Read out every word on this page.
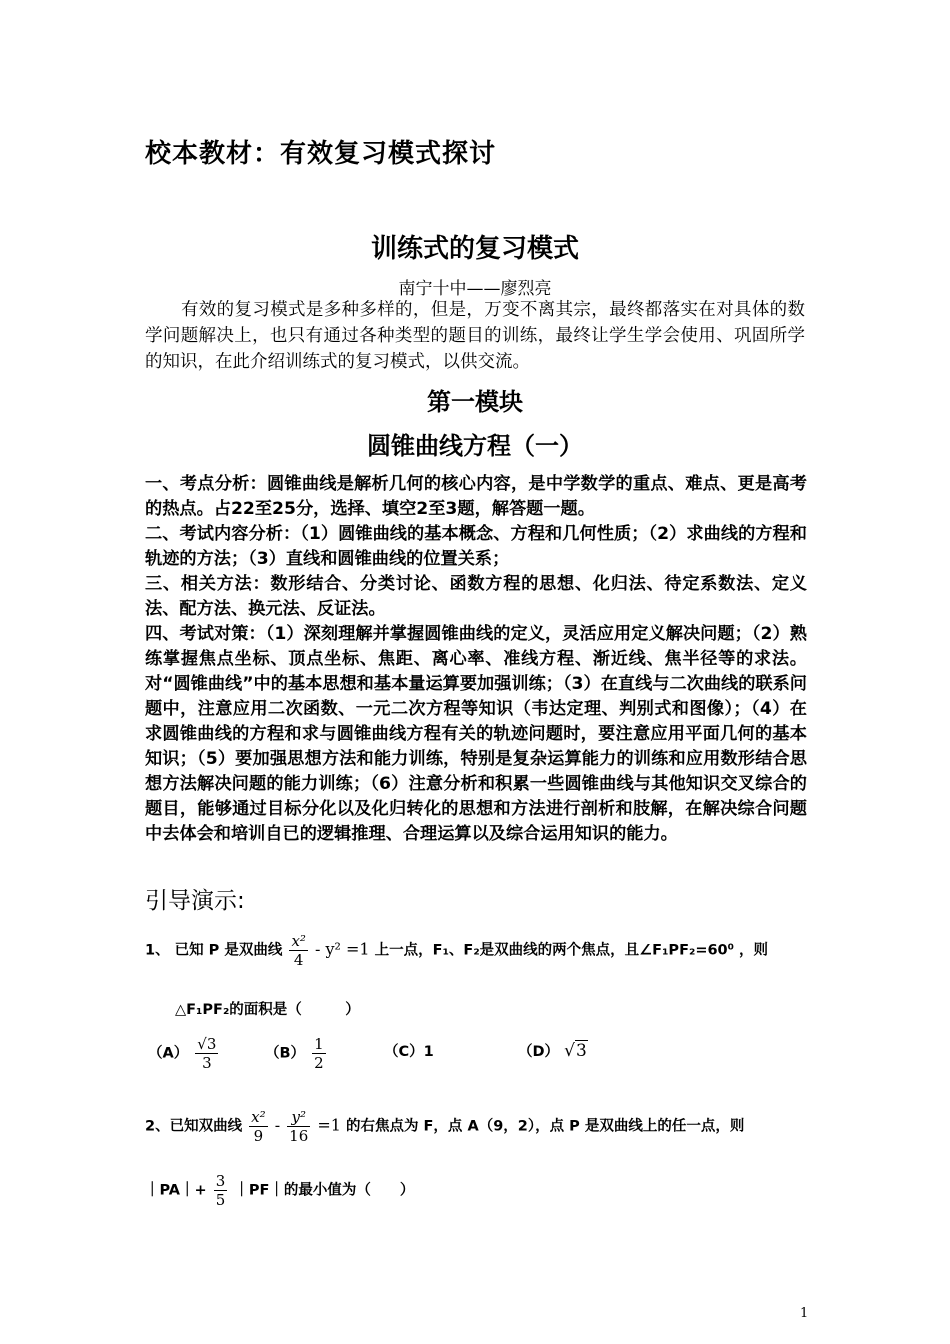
校本教材：有效复习模式探讨
训练式的复习模式
南宁十中——廖烈亮
有效的复习模式是多种多样的，但是，万变不离其宗，最终都落实在对具体的数学问题解决上，也只有通过各种类型的题目的训练，最终让学生学会使用、巩固所学的知识，在此介绍训练式的复习模式，以供交流。
第一模块
圆锥曲线方程（一）

一、考点分析：圆锥曲线是解析几何的核心内容，是中学数学的重点、难点、更是高考的热点。占22至25分，选择、填空2至3题，解答题一题。

二、考试内容分析：（1）圆锥曲线的基本概念、方程和几何性质；（2）求曲线的方程和轨迹的方法；（3）直线和圆锥曲线的位置关系；

三、相关方法：数形结合、分类讨论、函数方程的思想、化归法、待定系数法、定义法、配方法、换元法、反证法。

四、考试对策：（1）深刻理解并掌握圆锥曲线的定义，灵活应用定义解决问题；（2）熟练掌握焦点坐标、顶点坐标、焦距、离心率、准线方程、渐近线、焦半径等的求法。对“圆锥曲线”中的基本思想和基本量运算要加强训练；（3）在直线与二次曲线的联系问题中，注意应用二次函数、一元二次方程等知识（韦达定理、判别式和图像）；（4）在求圆锥曲线的方程和求与圆锥曲线方程有关的轨迹问题时，要注意应用平面几何的基本知识；（5）要加强思想方法和能力训练，特别是复杂运算能力的训练和应用数形结合思想方法解决问题的能力训练；（6）注意分析和积累一些圆锥曲线与其他知识交叉综合的题目，能够通过目标分化以及化归转化的思想和方法进行剖析和肢解，在解决综合问题中去体会和培训自已的逻辑推理、合理运算以及综合运用知识的能力。

引导演示:
1、 已知 P 是双曲线 $\frac{\text{x²}}{4} - y^2 =1$ 上一点，F₁、F₂是双曲线的两个焦点，且∠F₁PF₂=60⁰ ，则
△F₁PF₂的面积是（　　　）
$(A) \frac{√3}{3}$	$(B) \frac{1}{2}$	（C）1	（D） √3
2、已知双曲线 $\frac{\text{x²}}{9} - \frac{\text{y²}}{16} =1$ 的右焦点为 F，点 A（9，2），点 P 是双曲线上的任一点，则
｜PA｜+ $\frac{3}{5}$ ｜PF｜的最小值为（　　）
1
